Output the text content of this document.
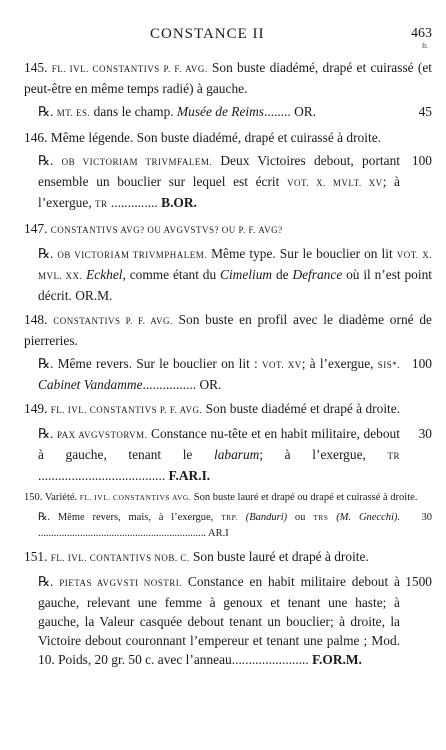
CONSTANCE II	463
fr.
145. FL. IVL. CONSTANTIVS P. F. AVG. Son buste diadémé, drapé et cuirassé (et peut-être en même temps radié) à gauche.
℞. MT. ES. dans le champ. Musée de Reims........ OR.	45
146. Même légende. Son buste diadémé, drapé et cuirassé à droite.
℞. OB VICTORIAM TRIVMFALEM. Deux Victoires debout, portant ensemble un bouclier sur lequel est écrit VOT. X. MVLT. XV; à l’exergue, TR .............. B.OR.
100
147. CONSTANTIVS AVG? OU AVGVSTVS? OU P. F. AVG?
℞. OB VICTORIAM TRIVMPHALEM. Même type. Sur le bouclier on lit VOT. X. MVL. XX. Eckhel, comme étant du Cimelium de Defrance où il n’est point décrit. OR.M.
148. CONSTANTIVS P. F. AVG. Son buste en profil avec le diadème orné de pierreries.
℞. Même revers. Sur le bouclier on lit : VOT. XV; à l’exergue, SIS*. Cabinet Vandamme................ OR.
100
149. FL. IVL. CONSTANTIVS P. F. AVG. Son buste diadémé et drapé à droite.
℞. PAX AVGVSTORVM. Constance nu-tête et en habit militaire, debout à gauche, tenant le labarum; à l’exergue, TR ...................................... F.AR.I.
30
150. Variété. FL. IVL. CONSTANTIVS AVG. Son buste lauré et drapé ou drapé et cuirassé à droite.
℞. Même revers, mais, à l’exergue, TRP. (Banduri) ou TRS (M. Gnecchi). ................................................................ AR.I
30
151. FL. IVL. CONTANTIVS NOB. C. Son buste lauré et drapé à droite.
℞. PIETAS AVGVSTI NOSTRI. Constance en habit militaire debout à gauche, relevant une femme à genoux et tenant une haste; à gauche, la Valeur casquée debout tenant un bouclier; à droite, la Victoire debout couronnant l’empereur et tenant une palme ; Mod. 10. Poids, 20 gr. 50 c. avec l’anneau....................... F.OR.M.
1500
